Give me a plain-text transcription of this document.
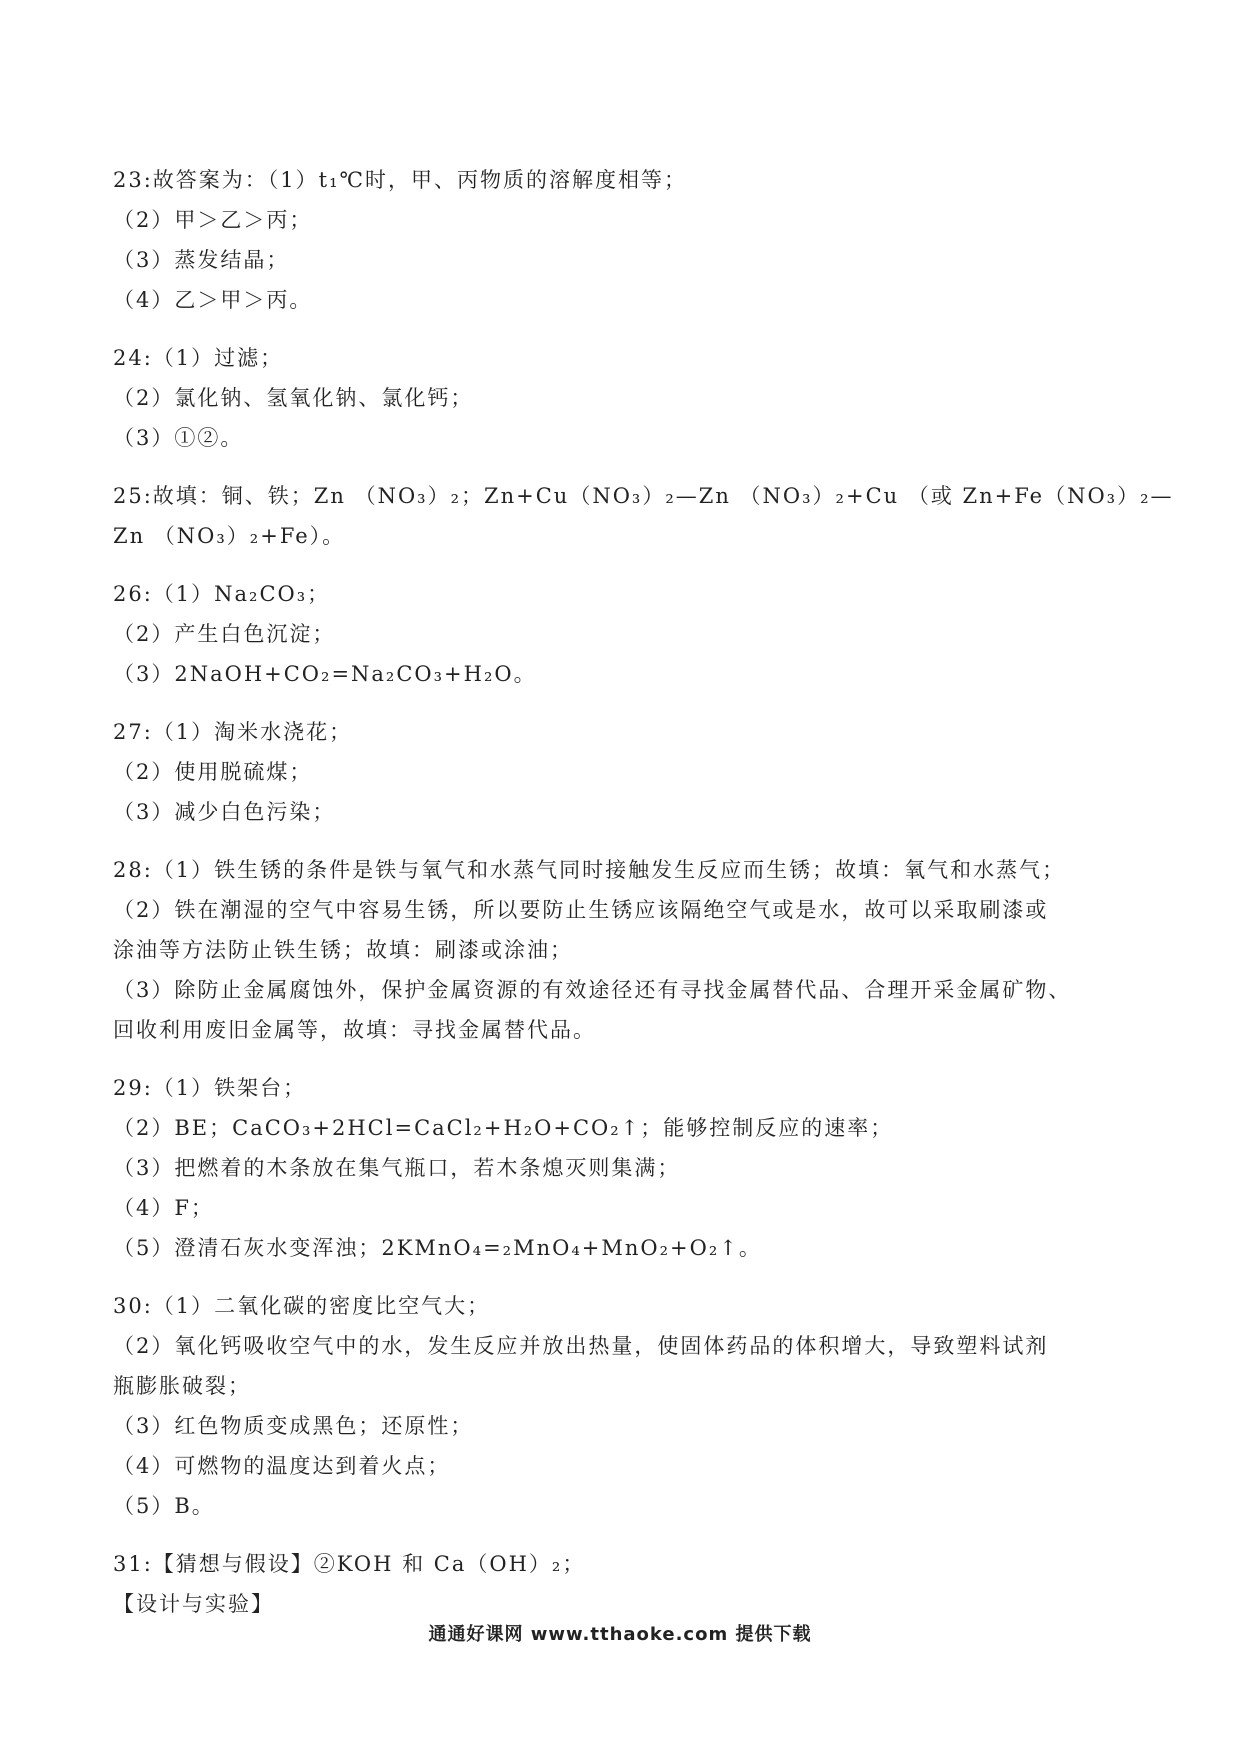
23:故答案为：（1）t₁℃时，甲、丙物质的溶解度相等；
（2）甲＞乙＞丙；
（3）蒸发结晶；
（4）乙＞甲＞丙。
24:（1）过滤；
（2）氯化钠、氢氧化钠、氯化钙；
（3）①②。
25:故填：铜、铁；Zn （NO₃）₂；Zn+Cu（NO₃）₂—Zn （NO₃）₂+Cu （或 Zn+Fe（NO₃）₂—
Zn （NO₃）₂+Fe）。
26:（1）Na₂CO₃；
（2）产生白色沉淀；
（3）2NaOH+CO₂=Na₂CO₃+H₂O。
27:（1）淘米水浇花；
（2）使用脱硫煤；
（3）减少白色污染；
28:（1）铁生锈的条件是铁与氧气和水蒸气同时接触发生反应而生锈；故填：氧气和水蒸气；
（2）铁在潮湿的空气中容易生锈，所以要防止生锈应该隔绝空气或是水，故可以采取刷漆或
涂油等方法防止铁生锈；故填：刷漆或涂油；
（3）除防止金属腐蚀外，保护金属资源的有效途径还有寻找金属替代品、合理开采金属矿物、
回收利用废旧金属等，故填：寻找金属替代品。
29:（1）铁架台；
（2）BE；CaCO₃+2HCl=CaCl₂+H₂O+CO₂↑；能够控制反应的速率；
（3）把燃着的木条放在集气瓶口，若木条熄灭则集满；
（4）F；
（5）澄清石灰水变浑浊；2KMnO₄=₂MnO₄+MnO₂+O₂↑。
30:（1）二氧化碳的密度比空气大；
（2）氧化钙吸收空气中的水，发生反应并放出热量，使固体药品的体积增大，导致塑料试剂
瓶膨胀破裂；
（3）红色物质变成黑色；还原性；
（4）可燃物的温度达到着火点；
（5）B。
31:【猜想与假设】②KOH 和 Ca（OH）₂；
【设计与实验】
通通好课网 www.tthaoke.com 提供下载
